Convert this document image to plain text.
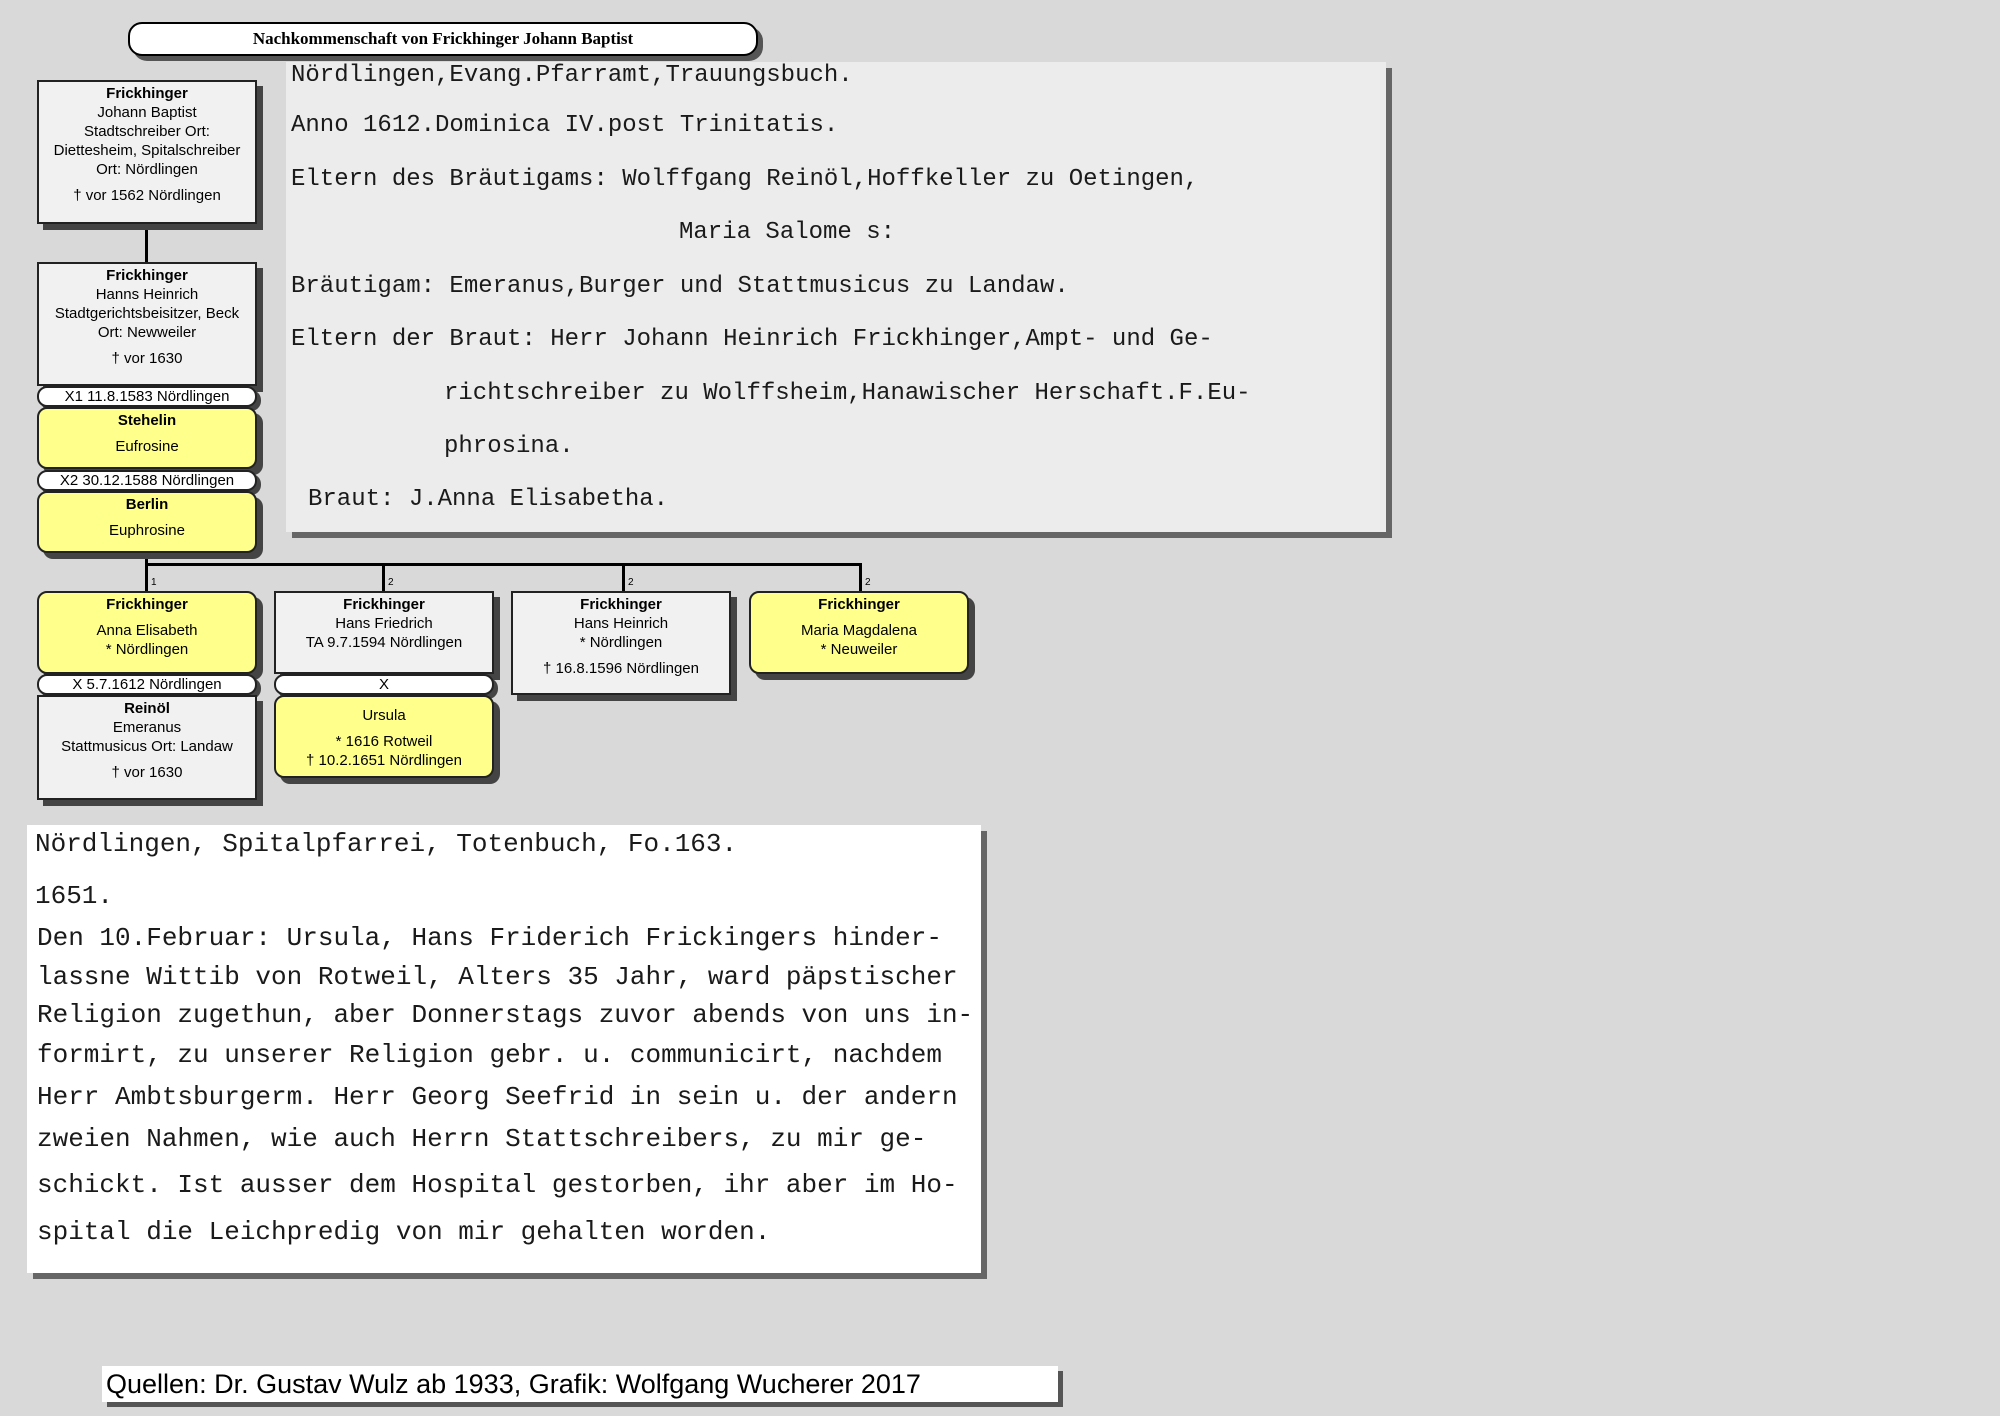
Nachkommenschaft von Frickhinger Johann Baptist
1	2	2	2
Frickhinger
Johann Baptist
Stadtschreiber Ort:
Diettesheim, Spitalschreiber
Ort: Nördlingen
† vor 1562 Nördlingen
Frickhinger
Hanns Heinrich
Stadtgerichtsbeisitzer, Beck
Ort: Newweiler
† vor 1630
X1 11.8.1583 Nördlingen
Stehelin
Eufrosine
X2 30.12.1588 Nördlingen
Berlin
Euphrosine
Frickhinger
Anna Elisabeth
* Nördlingen
X 5.7.1612 Nördlingen
Reinöl
Emeranus
Stattmusicus Ort: Landaw
† vor 1630
Frickhinger
Hans Friedrich
TA 9.7.1594 Nördlingen
X
Ursula
* 1616 Rotweil
† 10.2.1651 Nördlingen
Frickhinger
Hans Heinrich
* Nördlingen
† 16.8.1596 Nördlingen
Frickhinger
Maria Magdalena
* Neuweiler
Nördlingen,Evang.Pfarramt,Trauungsbuch.
Anno 1612.Dominica IV.post Trinitatis.
Eltern des Bräutigams: Wolffgang Reinöl,Hoffkeller zu Oetingen,
Maria Salome s:
Bräutigam: Emeranus,Burger und Stattmusicus zu Landaw.
Eltern der Braut: Herr Johann Heinrich Frickhinger,Ampt- und Ge-
richtschreiber zu Wolffsheim,Hanawischer Herschaft.F.Eu-
phrosina.
Braut: J.Anna Elisabetha.
Nördlingen, Spitalpfarrei, Totenbuch, Fo.163.
1651.
Den 10.Februar: Ursula, Hans Friderich Frickingers hinder-
lassne Wittib von Rotweil, Alters 35 Jahr, ward päpstischer
Religion zugethun, aber Donnerstags zuvor abends von uns in-
formirt, zu unserer Religion gebr. u. communicirt, nachdem
Herr Ambtsburgerm. Herr Georg Seefrid in sein u. der andern
zweien Nahmen, wie auch Herrn Stattschreibers, zu mir ge-
schickt. Ist ausser dem Hospital gestorben, ihr aber im Ho-
spital die Leichpredig von mir gehalten worden.
Quellen: Dr. Gustav Wulz ab 1933, Grafik: Wolfgang Wucherer 2017
